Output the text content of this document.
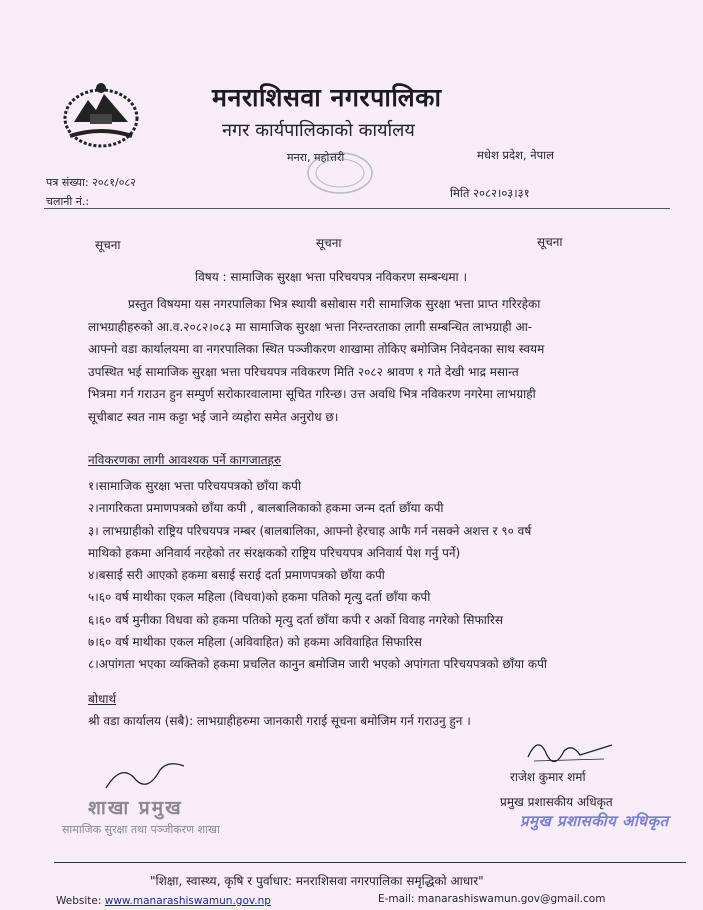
मनराशिसवा नगरपालिका
नगर कार्यपालिकाको कार्यालय
मनरा, महोत्तरी	मधेश प्रदेश, नेपाल
पत्र संख्या: २०८१/०८२
चलानी नं.:
मिति २०८२।०३।३१
सूचना	सूचना	सूचना
विषय : सामाजिक सुरक्षा भत्ता परिचयपत्र नविकरण सम्बन्धमा ।
प्रस्तुत विषयमा यस नगरपालिका भित्र स्थायी बसोबास गरी सामाजिक सुरक्षा भत्ता प्राप्त गरिरहेका
लाभग्राहीहरुको आ.व.२०८२।०८३ मा सामाजिक सुरक्षा भत्ता निरन्तरताका लागी सम्बन्धित लाभग्राही आ-
आफ्नो वडा कार्यालयमा वा नगरपालिका स्थित पञ्जीकरण शाखामा तोकिए बमोजिम निवेदनका साथ स्वयम
उपस्थित भई सामाजिक सुरक्षा भत्ता परिचयपत्र नविकरण मिति २०८२ श्रावण १ गते देखी भाद्र मसान्त
भित्रमा गर्न गराउन हुन सम्पुर्ण सरोकारवालामा सूचित गरिन्छ। उत्त अवधि भित्र नविकरण नगरेमा लाभग्राही
सूचीबाट स्वत नाम कट्टा भई जाने व्यहोरा समेत अनुरोध छ।
नविकरणका लागी आवश्यक पर्ने कागजातहरु
१।सामाजिक सुरक्षा भत्ता परिचयपत्रको छाँया कपी
२।नागरिकता प्रमाणपत्रको छाँया कपी , बालबालिकाको हकमा जन्म दर्ता छाँया कपी
३। लाभग्राहीको राष्ट्रिय परिचयपत्र नम्बर (बालबालिका, आफ्नो हेरचाह आफै गर्न नसक्ने अशत्त र ९० वर्ष
माथिको हकमा अनिवार्य नरहेको तर संरक्षकको राष्ट्रिय परिचयपत्र अनिवार्य पेश गर्नु पर्ने)
४।बसाई सरी आएको हकमा बसाई सराई दर्ता प्रमाणपत्रको छाँया कपी
५।६० वर्ष माथीका एकल महिला (विधवा)को हकमा पतिको मृत्यु दर्ता छाँया कपी
६।६० वर्ष मुनीका विधवा को हकमा पतिको मृत्यु दर्ता छाँया कपी र अर्को विवाह नगरेको सिफारिस
७।६० वर्ष माथीका एकल महिला (अविवाहित) को हकमा अविवाहित सिफारिस
८।अपांगता भएका व्यक्तिको हकमा प्रचलित कानुन बमोजिम जारी भएको अपांगता परिचयपत्रको छाँया कपी
बोधार्थ
श्री वडा कार्यालय (सबै): लाभग्राहीहरुमा जानकारी गराई सूचना बमोजिम गर्न गराउनु हुन ।
राजेश कुमार शर्मा
प्रमुख प्रशासकीय अधिकृत
प्रमुख प्रशासकीय अधिकृत
शाखा प्रमुख
सामाजिक सुरक्षा तथा पञ्जीकरण शाखा
"शिक्षा, स्वास्थ्य, कृषि र पुर्वाधार: मनराशिसवा नगरपालिका समृद्धिको आधार"
Website: www.manarashiswamun.gov.np	E-mail: manarashiswamun.gov@gmail.com
